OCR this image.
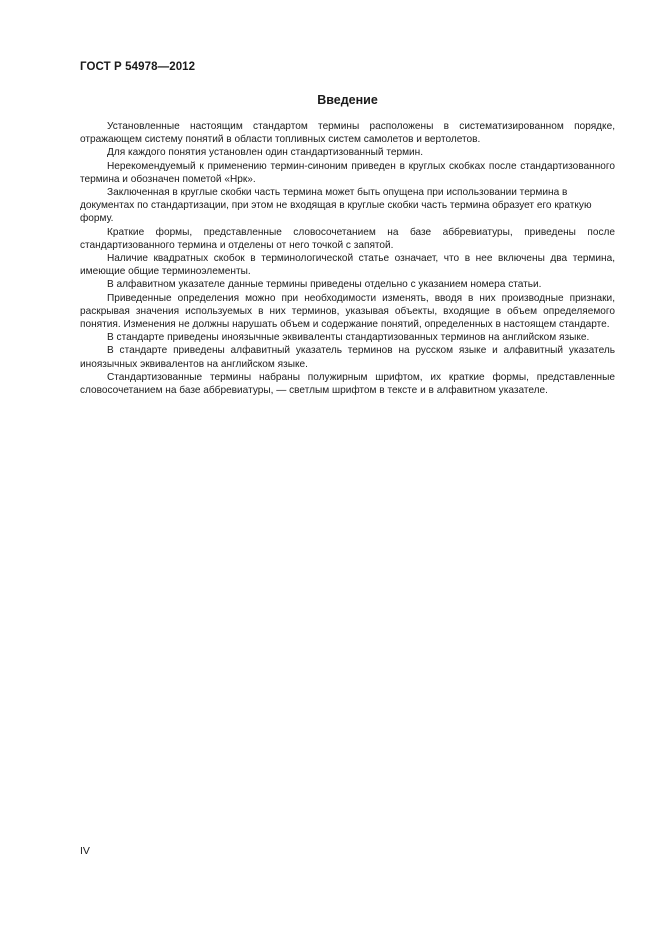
ГОСТ Р 54978—2012
Введение

Установленные настоящим стандартом термины расположены в систематизированном порядке, отражающем систему понятий в области топливных систем самолетов и вертолетов.

Для каждого понятия установлен один стандартизованный термин.

Нерекомендуемый к применению термин-синоним приведен в круглых скобках после стандартизованного термина и обозначен пометой «Нрк».

Заключенная в круглые скобки часть термина может быть опущена при использовании термина в документах по стандартизации, при этом не входящая в круглые скобки часть термина образует его краткую форму.

Краткие формы, представленные словосочетанием на базе аббревиатуры, приведены после стандартизованного термина и отделены от него точкой с запятой.

Наличие квадратных скобок в терминологической статье означает, что в нее включены два термина, имеющие общие терминоэлементы.

В алфавитном указателе данные термины приведены отдельно с указанием номера статьи.

Приведенные определения можно при необходимости изменять, вводя в них производные признаки, раскрывая значения используемых в них терминов, указывая объекты, входящие в объем определяемого понятия. Изменения не должны нарушать объем и содержание понятий, определенных в настоящем стандарте.

В стандарте приведены иноязычные эквиваленты стандартизованных терминов на английском языке.

В стандарте приведены алфавитный указатель терминов на русском языке и алфавитный указатель иноязычных эквивалентов на английском языке.

Стандартизованные термины набраны полужирным шрифтом, их краткие формы, представленные словосочетанием на базе аббревиатуры, — светлым шрифтом в тексте и в алфавитном указателе.

IV
